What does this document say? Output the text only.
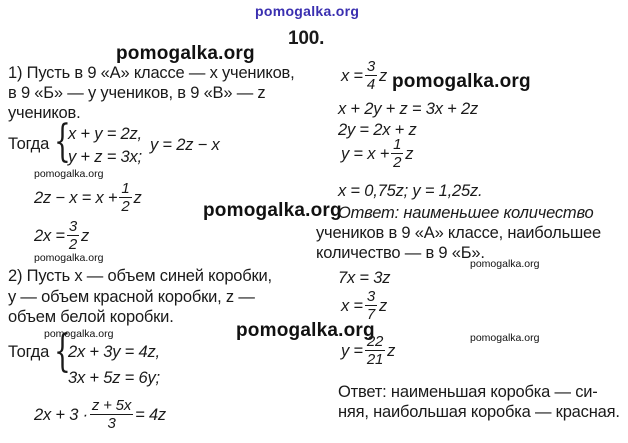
pomogalka.org
pomogalka.org
pomogalka.org
pomogalka.org
pomogalka.org
pomogalka.org
pomogalka.org
pomogalka.org
pomogalka.org
pomogalka.org
100.
1) Пусть в 9 «А» классе — x учеников,
в 9 «Б» — y учеников, в 9 «В» — z
учеников.
Тогда {
x + y = 2z,
y + z = 3x;
y = 2z − x
$2z - x = x + \frac{1}{2}$ z
$2x = \frac{3}{2}$ z
2) Пусть x — объем синей коробки,
y — объем красной коробки, z —
объем белой коробки.
Тогда {
2x + 3y = 4z,
3x + 5z = 6y;
$2x + 3 \cdot \frac{z + 5x}{3} = 4z$
$x = \frac{3}{4}$ z
x + 2y + z = 3x + 2z
2y = 2x + z
$y = x + \frac{1}{2}$ z
x = 0,75z; y = 1,25z.
Ответ: наименьшее количество
учеников в 9 «А» классе, наибольшее
количество — в 9 «Б».
7x = 3z
$x = \frac{3}{7}$ z
$y = \frac{22}{21}$ z
Ответ: наименьшая коробка — си-
няя, наибольшая коробка — красная.
